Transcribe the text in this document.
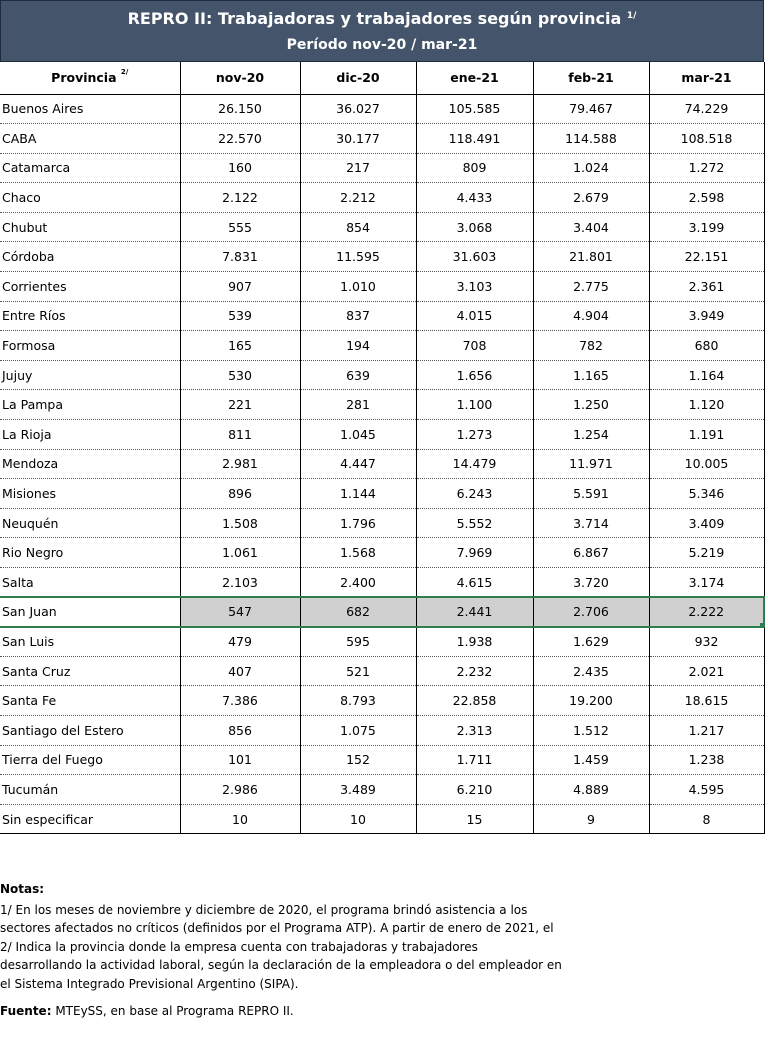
REPRO II: Trabajadoras y trabajadores según provincia $^{1/}$
Período nov-20 / mar-21
Provincia $^{2/}$	nov-20	dic-20	ene-21	feb-21	mar-21
Buenos Aires	26.150	36.027	105.585	79.467	74.229
CABA	22.570	30.177	118.491	114.588	108.518
Catamarca	160	217	809	1.024	1.272
Chaco	2.122	2.212	4.433	2.679	2.598
Chubut	555	854	3.068	3.404	3.199
Córdoba	7.831	11.595	31.603	21.801	22.151
Corrientes	907	1.010	3.103	2.775	2.361
Entre Ríos	539	837	4.015	4.904	3.949
Formosa	165	194	708	782	680
Jujuy	530	639	1.656	1.165	1.164
La Pampa	221	281	1.100	1.250	1.120
La Rioja	811	1.045	1.273	1.254	1.191
Mendoza	2.981	4.447	14.479	11.971	10.005
Misiones	896	1.144	6.243	5.591	5.346
Neuquén	1.508	1.796	5.552	3.714	3.409
Rio Negro	1.061	1.568	7.969	6.867	5.219
Salta	2.103	2.400	4.615	3.720	3.174
San Juan	547	682	2.441	2.706	2.222
San Luis	479	595	1.938	1.629	932
Santa Cruz	407	521	2.232	2.435	2.021
Santa Fe	7.386	8.793	22.858	19.200	18.615
Santiago del Estero	856	1.075	2.313	1.512	1.217
Tierra del Fuego	101	152	1.711	1.459	1.238
Tucumán	2.986	3.489	6.210	4.889	4.595
Sin especificar	10	10	15	9	8
Notas:
1/ En los meses de noviembre y diciembre de 2020, el programa brindó asistencia a los
sectores afectados no críticos (definidos por el Programa ATP). A partir de enero de 2021, el
2/ Indica la provincia donde la empresa cuenta con trabajadoras y trabajadores
desarrollando la actividad laboral, según la declaración de la empleadora o del empleador en
el Sistema Integrado Previsional Argentino (SIPA).
Fuente: MTEySS, en base al Programa REPRO II.
